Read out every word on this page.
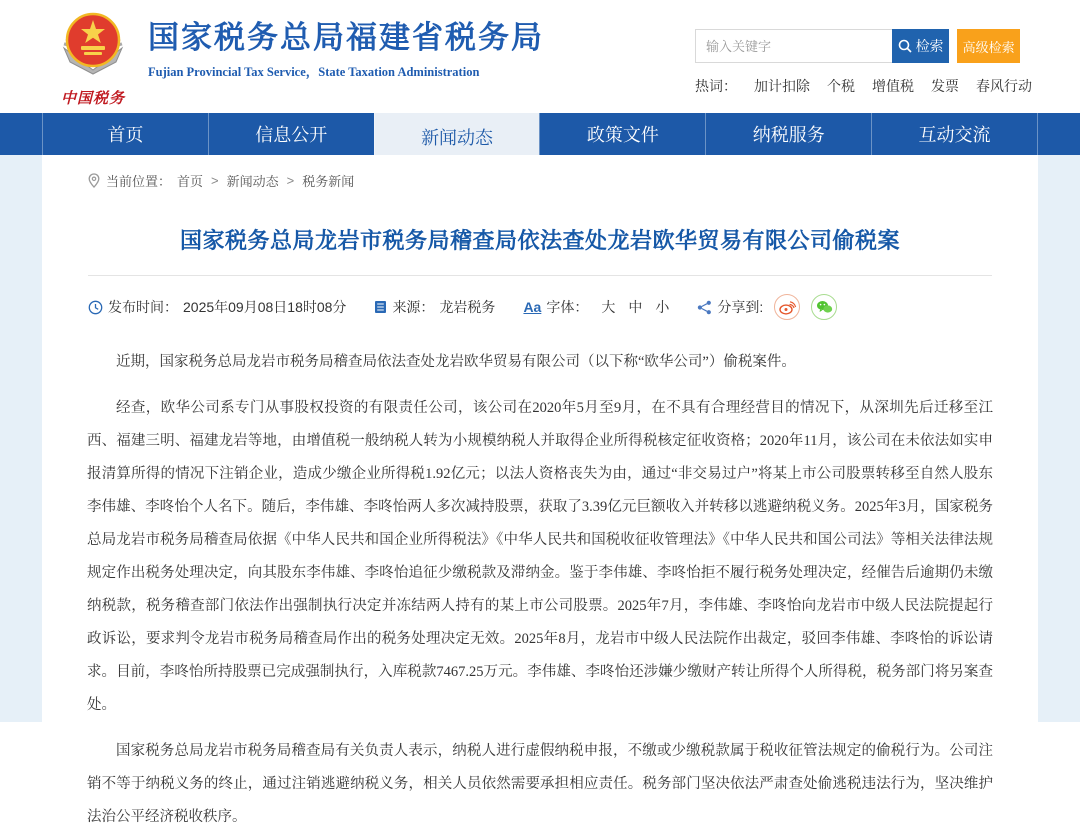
中国税务
国家税务总局福建省税务局
Fujian Provincial Tax Service，State Taxation Administration
输入关键字
检索	高级检索
热词： 加计扣除 个税 增值税 发票 春风行动
首页	信息公开	新闻动态	政策文件	纳税服务	互动交流
当前位置： 首页 > 新闻动态 > 税务新闻
国家税务总局龙岩市税务局稽查局依法查处龙岩欧华贸易有限公司偷税案
发布时间： 2025年09月08日18时08分	来源： 龙岩税务 Aa 字体： 大 中 小	分享到:

近期，国家税务总局龙岩市税务局稽查局依法查处龙岩欧华贸易有限公司（以下称“欧华公司”）偷税案件。

经查，欧华公司系专门从事股权投资的有限责任公司，该公司在2020年5月至9月，在不具有合理经营目的情况下，从深圳先后迁移至江西、福建三明、福建龙岩等地，由增值税一般纳税人转为小规模纳税人并取得企业所得税核定征收资格；2020年11月，该公司在未依法如实申报清算所得的情况下注销企业，造成少缴企业所得税1.92亿元；以法人资格丧失为由，通过“非交易过户”将某上市公司股票转移至自然人股东李伟雄、李咚怡个人名下。随后，李伟雄、李咚怡两人多次减持股票，获取了3.39亿元巨额收入并转移以逃避纳税义务。2025年3月，国家税务总局龙岩市税务局稽查局依据《中华人民共和国企业所得税法》《中华人民共和国税收征收管理法》《中华人民共和国公司法》等相关法律法规规定作出税务处理决定，向其股东李伟雄、李咚怡追征少缴税款及滞纳金。鉴于李伟雄、李咚怡拒不履行税务处理决定，经催告后逾期仍未缴纳税款，税务稽查部门依法作出强制执行决定并冻结两人持有的某上市公司股票。2025年7月，李伟雄、李咚怡向龙岩市中级人民法院提起行政诉讼，要求判令龙岩市税务局稽查局作出的税务处理决定无效。2025年8月，龙岩市中级人民法院作出裁定，驳回李伟雄、李咚怡的诉讼请求。目前，李咚怡所持股票已完成强制执行，入库税款7467.25万元。李伟雄、李咚怡还涉嫌少缴财产转让所得个人所得税，税务部门将另案查处。

国家税务总局龙岩市税务局稽查局有关负责人表示，纳税人进行虚假纳税申报，不缴或少缴税款属于税收征管法规定的偷税行为。公司注销不等于纳税义务的终止，通过注销逃避纳税义务，相关人员依然需要承担相应责任。税务部门坚决依法严肃查处偷逃税违法行为，坚决维护法治公平经济税收秩序。
